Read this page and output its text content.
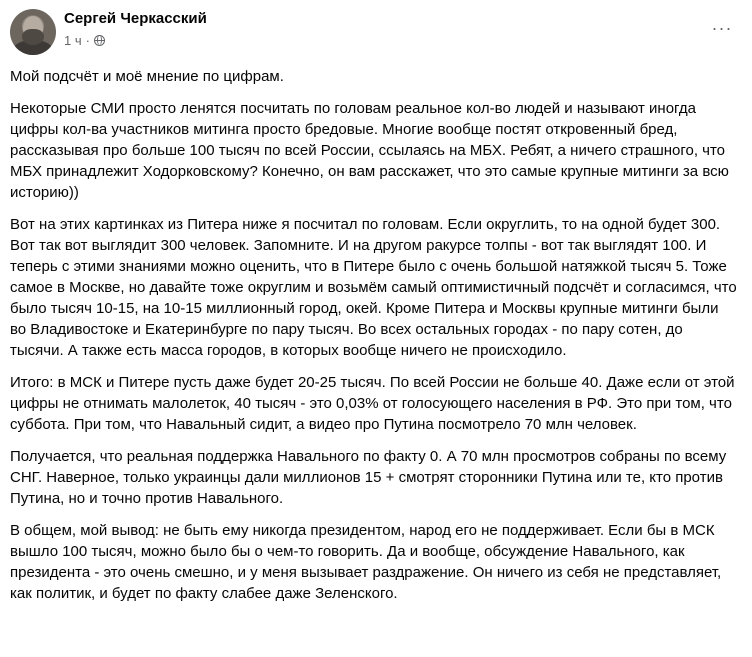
Сергей Черкасский
1 ч ·
···

Мой подсчёт и моё мнение по цифрам.

Некоторые СМИ просто ленятся посчитать по головам реальное кол-во людей и называют иногда цифры кол-ва участников митинга просто бредовые. Многие вообще постят откровенный бред, рассказывая про больше 100 тысяч по всей России, ссылаясь на МБХ. Ребят, а ничего страшного, что МБХ принадлежит Ходорковскому? Конечно, он вам расскажет, что это самые крупные митинги за всю историю))

Вот на этих картинках из Питера ниже я посчитал по головам. Если округлить, то на одной будет 300. Вот так вот выглядит 300 человек. Запомните. И на другом ракурсе толпы - вот так выглядят 100. И теперь с этими знаниями можно оценить, что в Питере было с очень большой натяжкой тысяч 5. Тоже самое в Москве, но давайте тоже округлим и возьмём самый оптимистичный подсчёт и согласимся, что было тысяч 10-15, на 10-15 миллионный город, окей. Кроме Питера и Москвы крупные митинги были во Владивостоке и Екатеринбурге по пару тысяч. Во всех остальных городах - по пару сотен, до тысячи. А также есть масса городов, в которых вообще ничего не происходило.

Итого: в МСК и Питере пусть даже будет 20-25 тысяч. По всей России не больше 40. Даже если от этой цифры не отнимать малолеток, 40 тысяч - это 0,03% от голосующего населения в РФ. Это при том, что суббота. При том, что Навальный сидит, а видео про Путина посмотрело 70 млн человек.

Получается, что реальная поддержка Навального по факту 0. А 70 млн просмотров собраны по всему СНГ. Наверное, только украинцы дали миллионов 15 + смотрят сторонники Путина или те, кто против Путина, но и точно против Навального.

В общем, мой вывод: не быть ему никогда президентом, народ его не поддерживает. Если бы в МСК вышло 100 тысяч, можно было бы о чем-то говорить. Да и вообще, обсуждение Навального, как президента - это очень смешно, и у меня вызывает раздражение. Он ничего из себя не представляет, как политик, и будет по факту слабее даже Зеленского.
